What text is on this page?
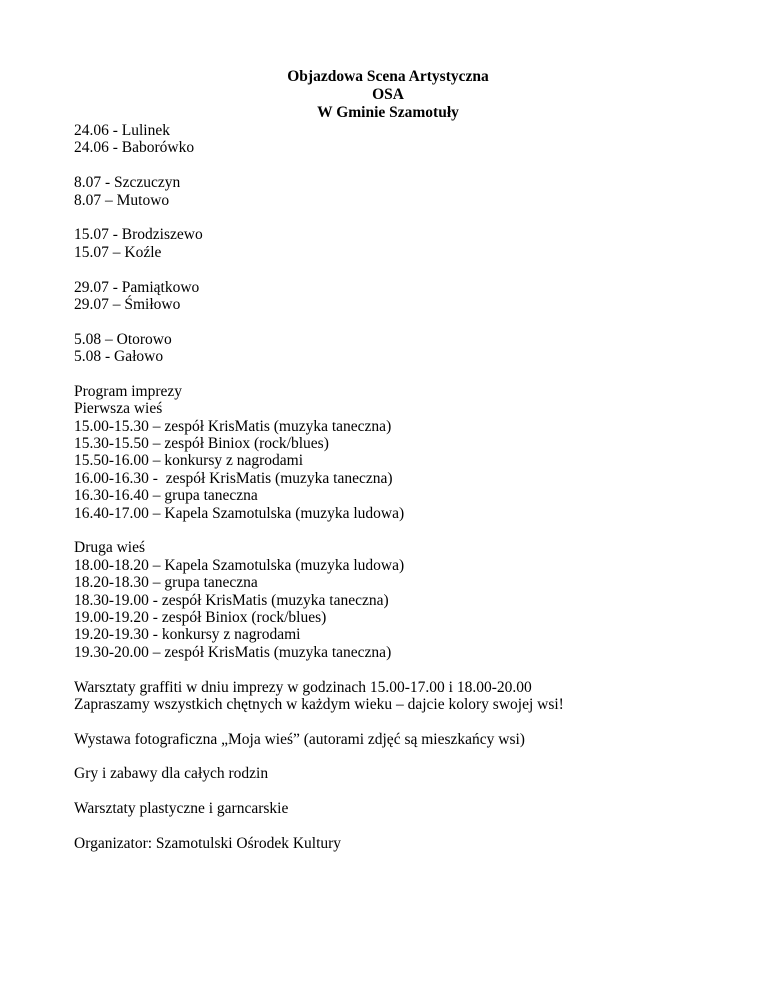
Objazdowa Scena Artystyczna
OSA
W Gminie Szamotuły
24.06 - Lulinek
24.06 - Baborówko
8.07 - Szczuczyn
8.07 – Mutowo
15.07 - Brodziszewo
15.07 – Koźle
29.07 - Pamiątkowo
29.07 – Śmiłowo
5.08 – Otorowo
5.08 - Gałowo
Program imprezy
Pierwsza wieś
15.00-15.30 – zespół KrisMatis (muzyka taneczna)
15.30-15.50 – zespół Biniox (rock/blues)
15.50-16.00 – konkursy z nagrodami
16.00-16.30 -  zespół KrisMatis (muzyka taneczna)
16.30-16.40 – grupa taneczna
16.40-17.00 – Kapela Szamotulska (muzyka ludowa)
Druga wieś
18.00-18.20 – Kapela Szamotulska (muzyka ludowa)
18.20-18.30 – grupa taneczna
18.30-19.00 - zespół KrisMatis (muzyka taneczna)
19.00-19.20 - zespół Biniox (rock/blues)
19.20-19.30 - konkursy z nagrodami
19.30-20.00 – zespół KrisMatis (muzyka taneczna)
Warsztaty graffiti w dniu imprezy w godzinach 15.00-17.00 i 18.00-20.00
Zapraszamy wszystkich chętnych w każdym wieku – dajcie kolory swojej wsi!
Wystawa fotograficzna „Moja wieś” (autorami zdjęć są mieszkańcy wsi)
Gry i zabawy dla całych rodzin
Warsztaty plastyczne i garncarskie
Organizator: Szamotulski Ośrodek Kultury
